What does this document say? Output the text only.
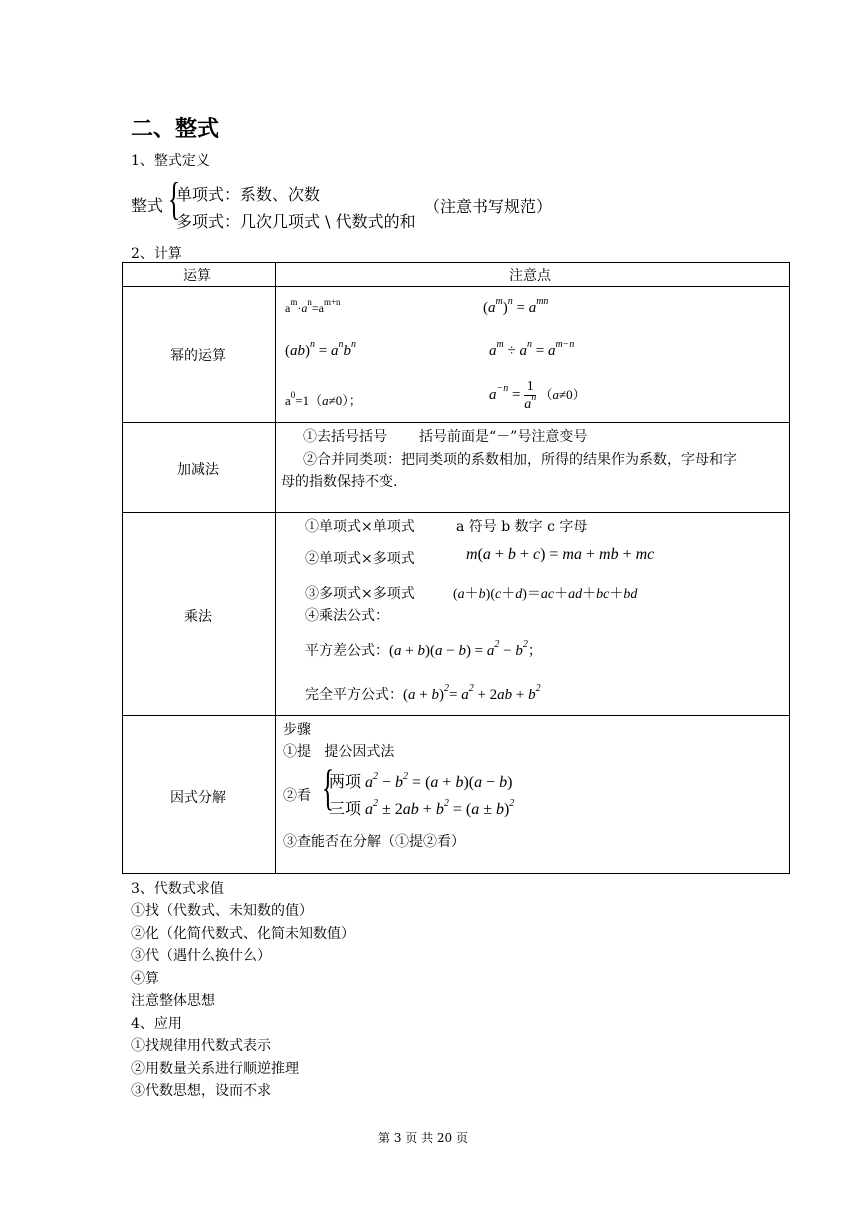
二、整式
1、整式定义
整式 {
单项式：系数、次数
多项式：几次几项式 \ 代数式的和
（注意书写规范）
2、计算
运算	注意点
幂的运算
$a^m\cdot a^n=a^{m+n}$	$(a^m)^n = a^{mn}$
$(ab)^n = a^nb^n$	$a^m \div a^n = a^{m-n}$
$a^0=1(a\ne 0)$；	$a^{-n} = \frac{1}{a^n} (a\ne 0)$
加减法
①去括号括号 括号前面是“－”号注意变号
②合并同类项：把同类项的系数相加，所得的结果作为系数，字母和字
母的指数保持不变.
乘法
①单项式×单项式	a 符号 b 数字 c 字母
②单项式×多项式	m(a + b + c) = ma + mb + mc
③多项式×多项式	(a＋b)(c＋d)＝ac＋ad＋bc＋bd
④乘法公式：
平方差公式：$(a + b)(a - b) = a^2 - b^2$；
完全平方公式：$(a + b)^2= a^2 + 2ab + b^2$
因式分解
步骤
①提 提公因式法
②看 {
两项 $a^2 - b^2 = (a + b)(a - b)$
三项 $a^2 \pm 2ab + b^2 = (a \pm b)^2$
③查能否在分解（①提②看）
3、代数式求值
①找（代数式、未知数的值）
②化（化简代数式、化简未知数值）
③代（遇什么换什么）
④算
注意整体思想
4、应用
①找规律用代数式表示
②用数量关系进行顺逆推理
③代数思想，设而不求
第 3 页 共 20 页
